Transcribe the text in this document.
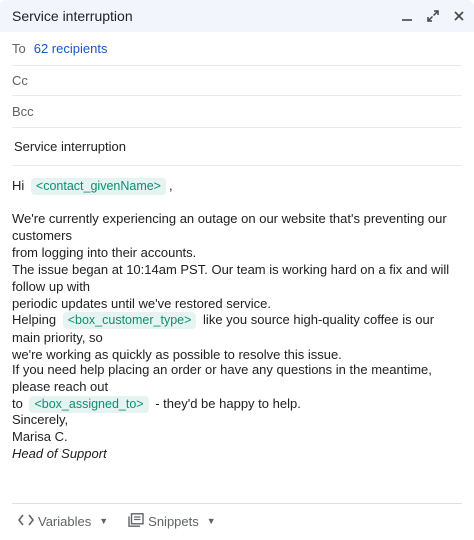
Service interruption
To 62 recipients
Cc
Bcc
Service interruption
Hi <contact_givenName> ,
We're currently experiencing an outage on our website that's preventing our customers
from logging into their accounts.
The issue began at 10:14am PST. Our team is working hard on a fix and will follow up with
periodic updates until we've restored service.
Helping <box_customer_type> like you source high-quality coffee is our main priority, so
we're working as quickly as possible to resolve this issue.
If you need help placing an order or have any questions in the meantime, please reach out
to <box_assigned_to> - they'd be happy to help.
Sincerely,
Marisa C.
Head of Support
Variables ▼	Snippets ▼
